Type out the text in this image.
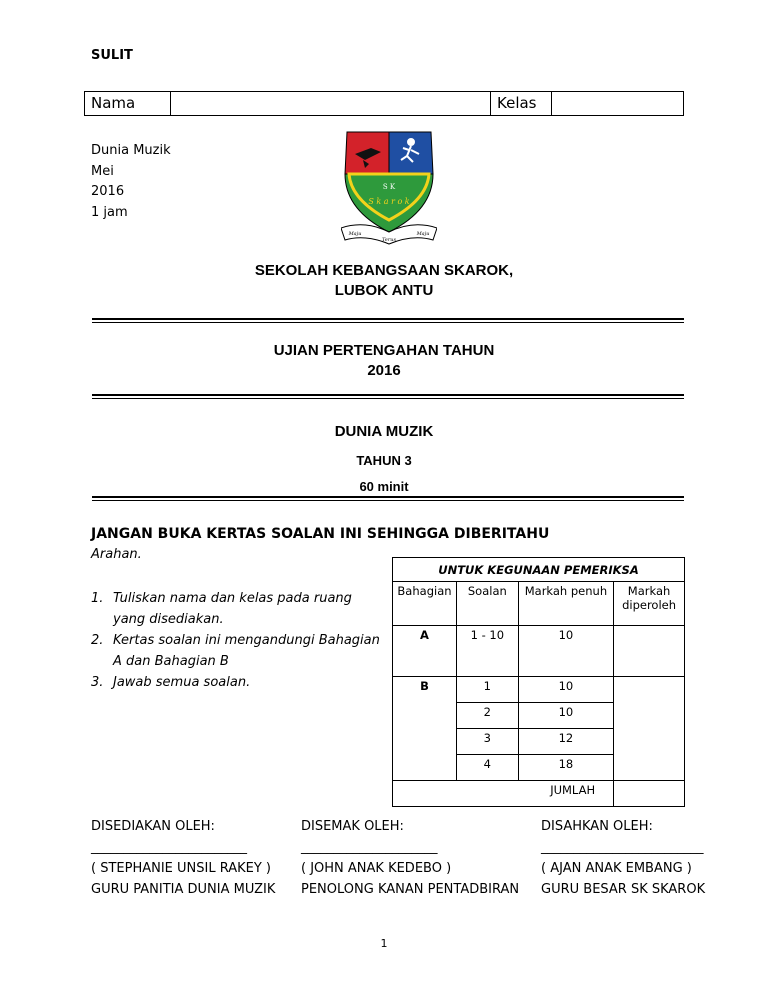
SULIT
Nama	Kelas
Dunia Muzik
Mei
2016
1 jam
S K
S k a r o k
Maju
Terus
Maju
SEKOLAH KEBANGSAAN SKAROK,
LUBOK ANTU
UJIAN PERTENGAHAN TAHUN
2016
DUNIA MUZIK
TAHUN 3
60 minit
JANGAN BUKA KERTAS SOALAN INI SEHINGGA DIBERITAHU
Arahan.
1. Tuliskan nama dan kelas pada ruang yang disediakan.
2. Kertas soalan ini mengandungi Bahagian A dan Bahagian B
3. Jawab semua soalan.
UNTUK KEGUNAAN PEMERIKSA			
Bahagian	Soalan	Markah penuh	Markah diperoleh
A	1 - 10	10	
B	1	10	
	2	10	
	3	12	
	4	18	
JUMLAH			
DISEDIAKAN OLEH:
________________________
( STEPHANIE UNSIL RAKEY )
GURU PANITIA DUNIA MUZIK
DISEMAK OLEH:
_____________________
( JOHN ANAK KEDEBO )
PENOLONG KANAN PENTADBIRAN
DISAHKAN OLEH:
_________________________
( AJAN ANAK EMBANG )
GURU BESAR SK SKAROK
1
